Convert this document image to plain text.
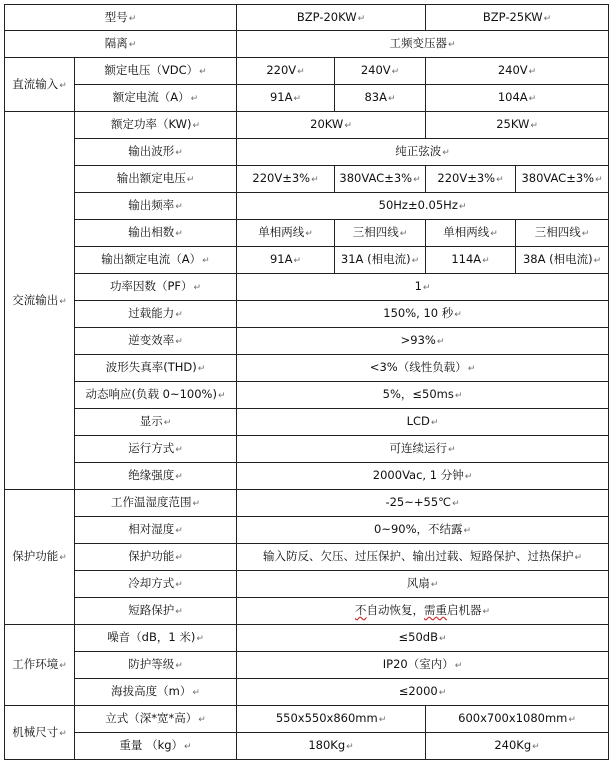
型号↵		BZP-20KW↵		BZP-25KW↵	
隔离↵		工频变压器↵			
直流输入↵	额定电压（VDC）↵	220V↵	240V↵	240V↵	
	额定电流（A）↵	91A↵	83A↵	104A↵	
交流输出↵	额定功率（KW)↵	20KW↵		25KW↵	
	输出波形↵	纯正弦波↵			
	输出额定电压↵	220V±3%↵	380VAC±3%↵	220V±3%↵	380VAC±3%↵
	输出频率↵	50Hz±0.05Hz↵			
	输出相数↵	单相两线↵	三相四线↵	单相两线↵	三相四线↵
	输出额定电流（A）↵	91A↵	31A (相电流)↵	114A↵	38A (相电流)↵
	功率因数（PF）↵	1↵			
	过载能力↵	150%, 10 秒↵			
	逆变效率↵	>93%↵			
	波形失真率(THD)↵	<3%（线性负载）↵			
	动态响应(负载 0~100%)↵	5%，≤50ms↵			
	显示↵	LCD↵			
	运行方式↵	可连续运行↵			
	绝缘强度↵	2000Vac, 1 分钟↵			
保护功能↵	工作温湿度范围↵	-25~+55℃↵			
	相对湿度↵	0~90%，不结露↵			
	保护功能↵	输入防反、欠压、过压保护、输出过载、短路保护、过热保护↵			
	冷却方式↵	风扇↵			
	短路保护↵	不自动恢复，需重启机器↵			
工作环境↵	噪音（dB，1 米)↵	≤50dB↵			
	防护等级↵	IP20（室内）↵			
	海拔高度（m）↵	≤2000↵			
机械尺寸↵	立式（深*宽*高）↵	550x550x860mm↵		600x700x1080mm↵	
	重量 （kg）↵	180Kg↵		240Kg↵	
